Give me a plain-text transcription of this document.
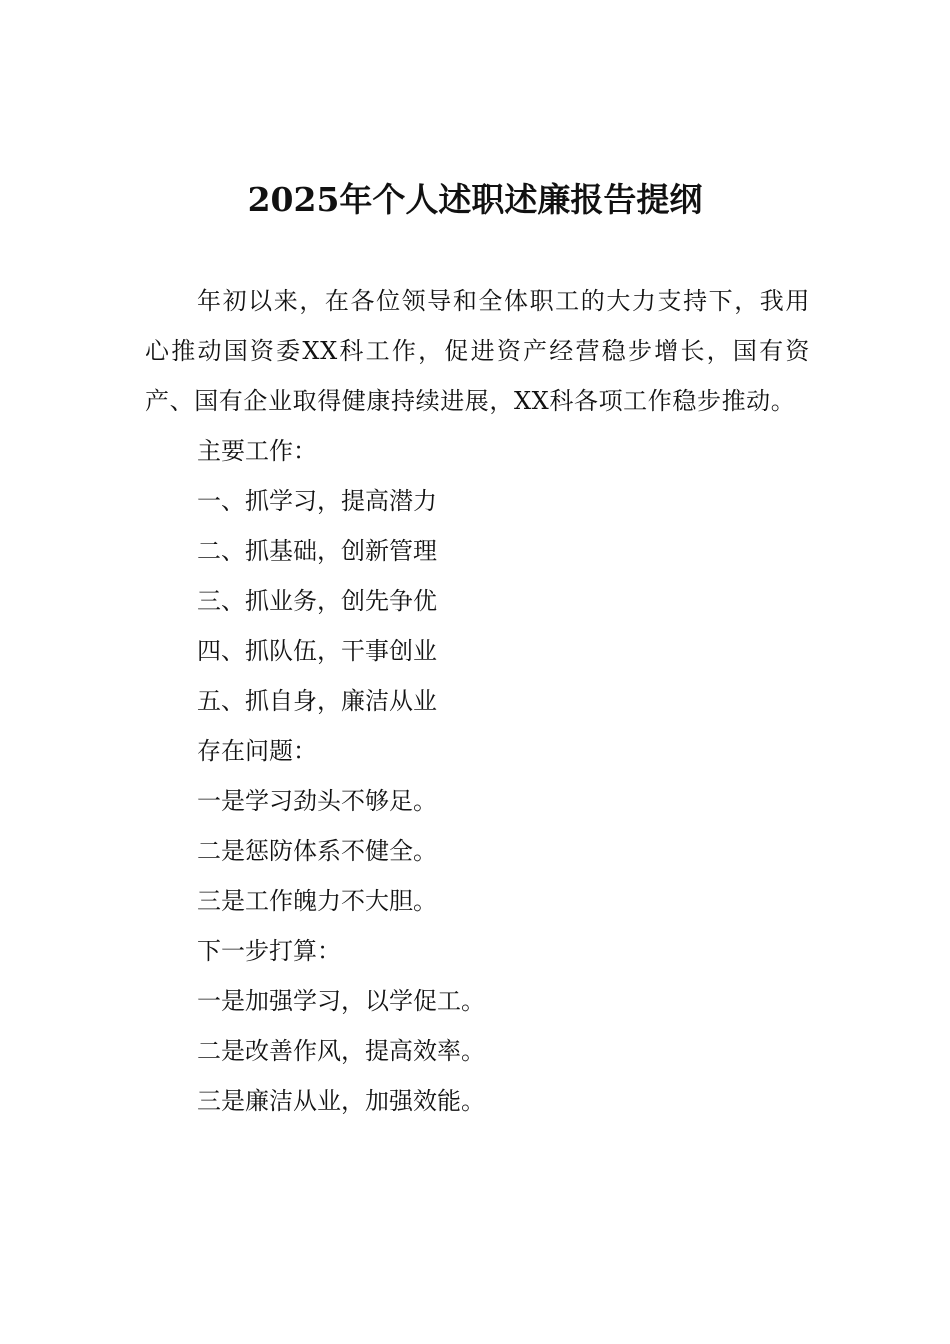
2025年个人述职述廉报告提纲

年初以来，在各位领导和全体职工的大力支持下，我用心推动国资委XX科工作，促进资产经营稳步增长，国有资产、国有企业取得健康持续进展，XX科各项工作稳步推动。

主要工作：

一、抓学习，提高潜力

二、抓基础，创新管理

三、抓业务，创先争优

四、抓队伍，干事创业

五、抓自身，廉洁从业

存在问题：

一是学习劲头不够足。

二是惩防体系不健全。

三是工作魄力不大胆。

下一步打算：

一是加强学习，以学促工。

二是改善作风，提高效率。

三是廉洁从业，加强效能。
